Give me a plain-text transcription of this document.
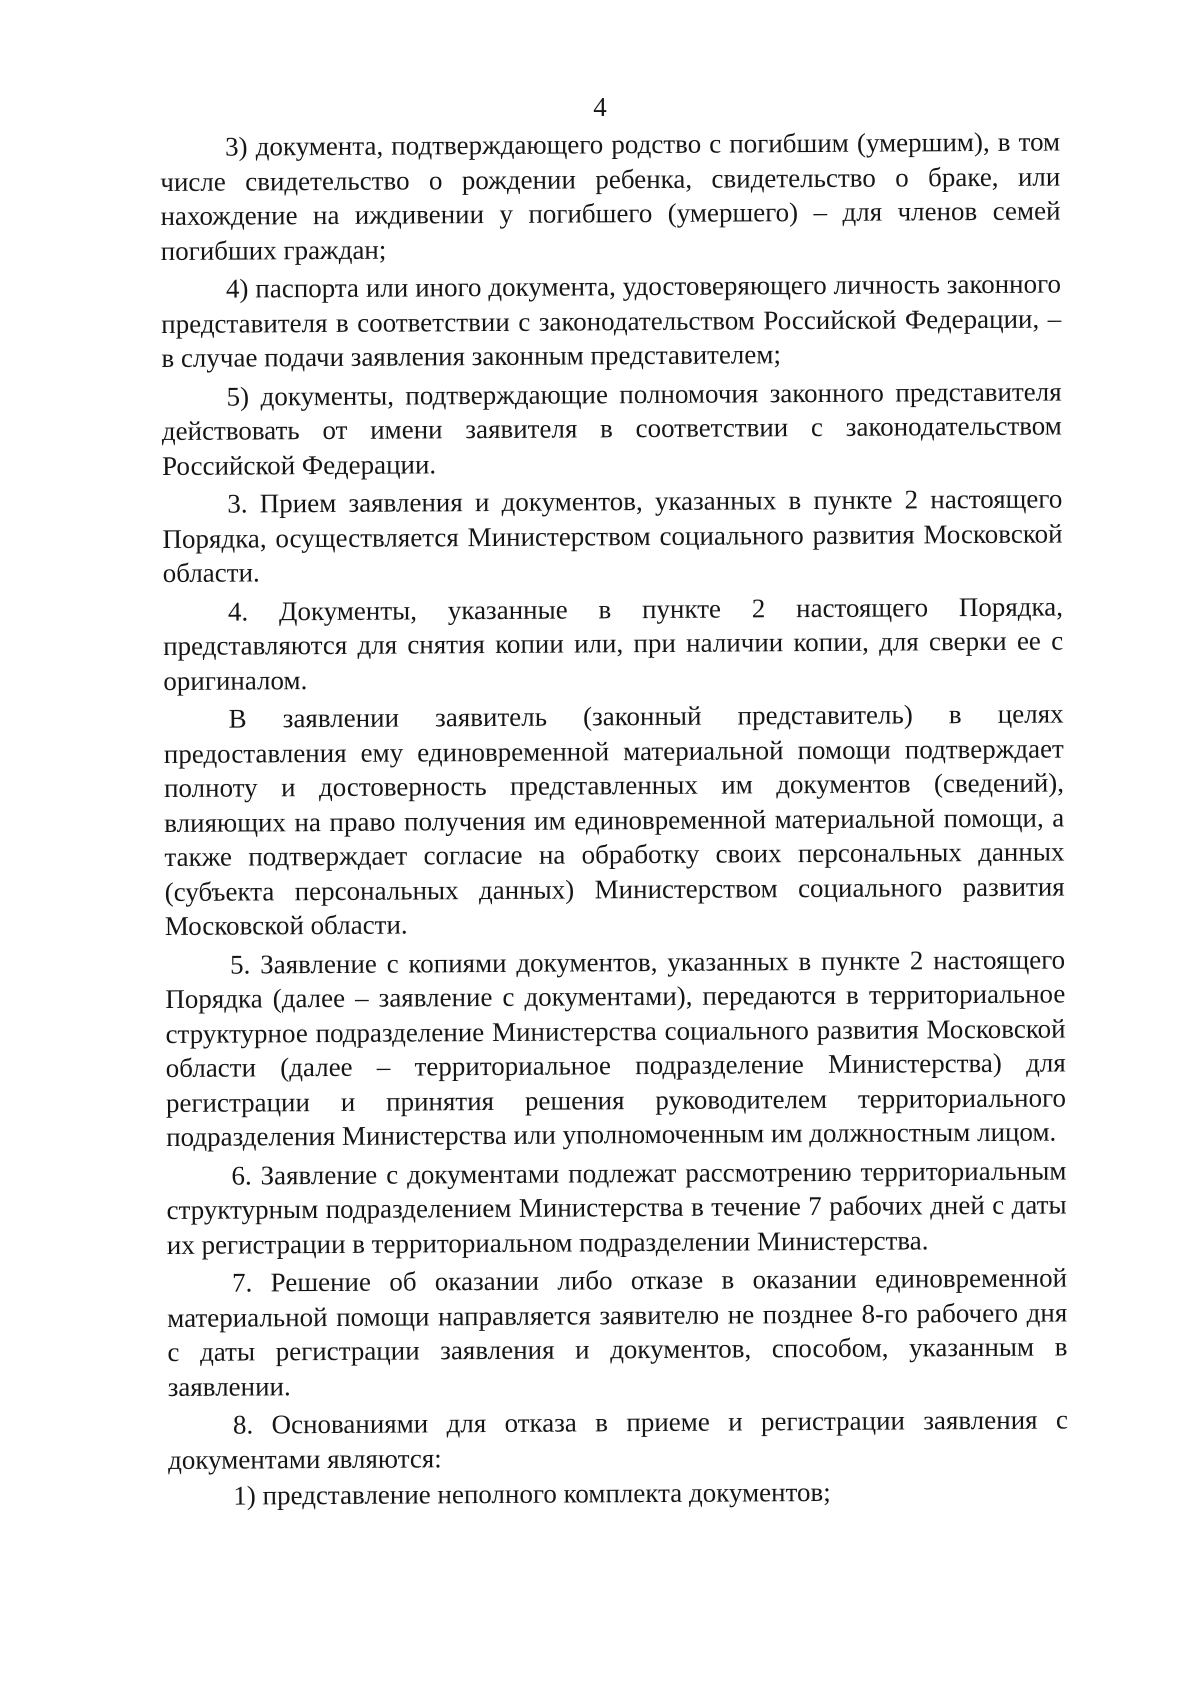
4

3) документа, подтверждающего родство с погибшим (умершим), в том числе свидетельство о рождении ребенка, свидетельство о браке, или нахождение на иждивении у погибшего (умершего) – для членов семей погибших граждан;

4) паспорта или иного документа, удостоверяющего личность законного представителя в соответствии с законодательством Российской Федерации, – в случае подачи заявления законным представителем;

5) документы, подтверждающие полномочия законного представителя действовать от имени заявителя в соответствии с законодательством Российской Федерации.

3. Прием заявления и документов, указанных в пункте 2 настоящего Порядка, осуществляется Министерством социального развития Московской области.

4. Документы, указанные в пункте 2 настоящего Порядка, представляются для снятия копии или, при наличии копии, для сверки ее с оригиналом.

В заявлении заявитель (законный представитель) в целях предоставления ему единовременной материальной помощи подтверждает полноту и достоверность представленных им документов (сведений), влияющих на право получения им единовременной материальной помощи, а также подтверждает согласие на обработку своих персональных данных (субъекта персональных данных) Министерством социального развития Московской области.

5. Заявление с копиями документов, указанных в пункте 2 настоящего Порядка (далее – заявление с документами), передаются в территориальное структурное подразделение Министерства социального развития Московской области (далее – территориальное подразделение Министерства) для регистрации и принятия решения руководителем территориального подразделения Министерства или уполномоченным им должностным лицом.

6. Заявление с документами подлежат рассмотрению территориальным структурным подразделением Министерства в течение 7 рабочих дней с даты их регистрации в территориальном подразделении Министерства.

7. Решение об оказании либо отказе в оказании единовременной материальной помощи направляется заявителю не позднее 8-го рабочего дня с даты регистрации заявления и документов, способом, указанным в заявлении.

8. Основаниями для отказа в приеме и регистрации заявления с документами являются:

1) представление неполного комплекта документов;
